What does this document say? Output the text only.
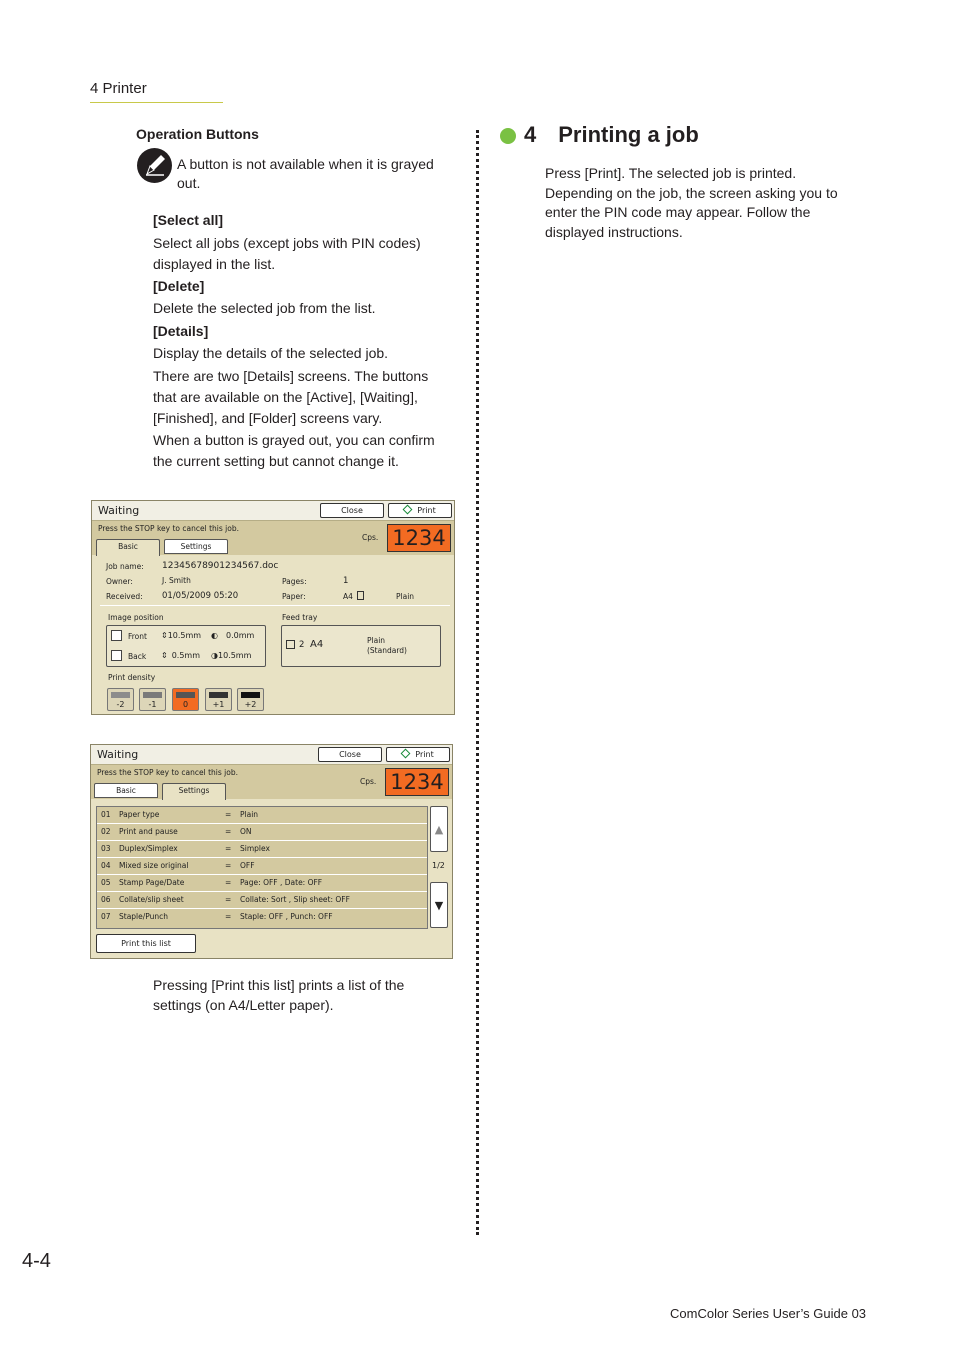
4 Printer
Operation Buttons
A button is not available when it is grayed out.
[Select all]
Select all jobs (except jobs with PIN codes) displayed in the list.
[Delete]
Delete the selected job from the list.
[Details]
Display the details of the selected job.
There are two [Details] screens. The buttons that are available on the [Active], [Waiting], [Finished], and [Folder] screens vary.
When a button is grayed out, you can confirm the current setting but cannot change it.
Waiting	Close	Print
Press the STOP key to cancel this job.
Cps. 1234
Basic	Settings
Job name: 12345678901234567.doc
Owner:	J. Smith
Received: 01/05/2009 05:20
Pages:	1
Paper:	A4	Plain
Image position
Front ⇕10.5mm ◐ 0.0mm
Back ⇕ 0.5mm ◑10.5mm
Feed tray
2 A4	Plain
(Standard)
Print density
-2	-1	0	+1	+2
Waiting	Close	Print
Press the STOP key to cancel this job.
Cps. 1234
Basic	Settings
01 Paper type	= Plain
02 Print and pause	= ON
03 Duplex/Simplex	= Simplex
04 Mixed size original	= OFF
05 Stamp Page/Date	= Page: OFF , Date: OFF
06 Collate/slip sheet	= Collate: Sort , Slip sheet: OFF
07 Staple/Punch	= Staple: OFF , Punch: OFF
▲
1/2
▼
Print this list
Pressing [Print this list] prints a list of the settings (on A4/Letter paper).
4 Printing a job
Press [Print]. The selected job is printed. Depending on the job, the screen asking you to enter the PIN code may appear. Follow the displayed instructions.
4-4
ComColor Series User’s Guide 03
